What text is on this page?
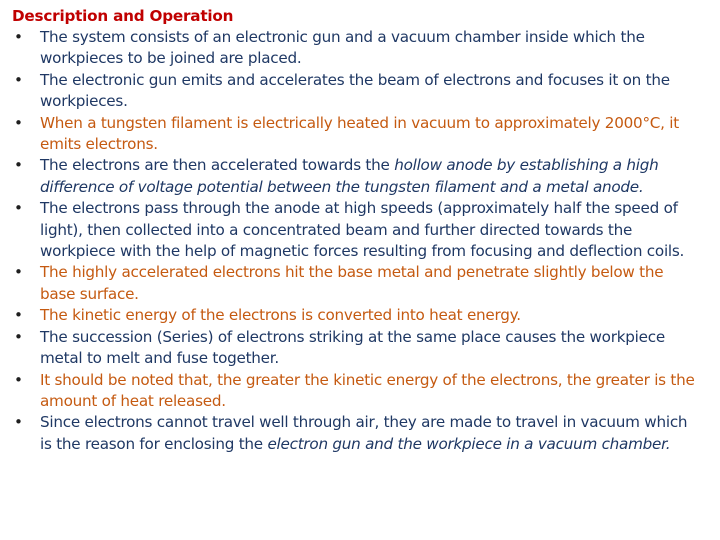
Description and Operation
• The system consists of an electronic gun and a vacuum chamber inside which the workpieces to be joined are placed.
• The electronic gun emits and accelerates the beam of electrons and focuses it on the workpieces.
• When a tungsten filament is electrically heated in vacuum to approximately 2000°C, it emits electrons.
• The electrons are then accelerated towards the hollow anode by establishing a high difference of voltage potential between the tungsten filament and a metal anode.
• The electrons pass through the anode at high speeds (approximately half the speed of light), then collected into a concentrated beam and further directed towards the workpiece with the help of magnetic forces resulting from focusing and deflection coils.
• The highly accelerated electrons hit the base metal and penetrate slightly below the base surface.
• The kinetic energy of the electrons is converted into heat energy.
• The succession (Series) of electrons striking at the same place causes the workpiece metal to melt and fuse together.
• It should be noted that, the greater the kinetic energy of the electrons, the greater is the amount of heat released.
• Since electrons cannot travel well through air, they are made to travel in vacuum which is the reason for enclosing the electron gun and the workpiece in a vacuum chamber.
